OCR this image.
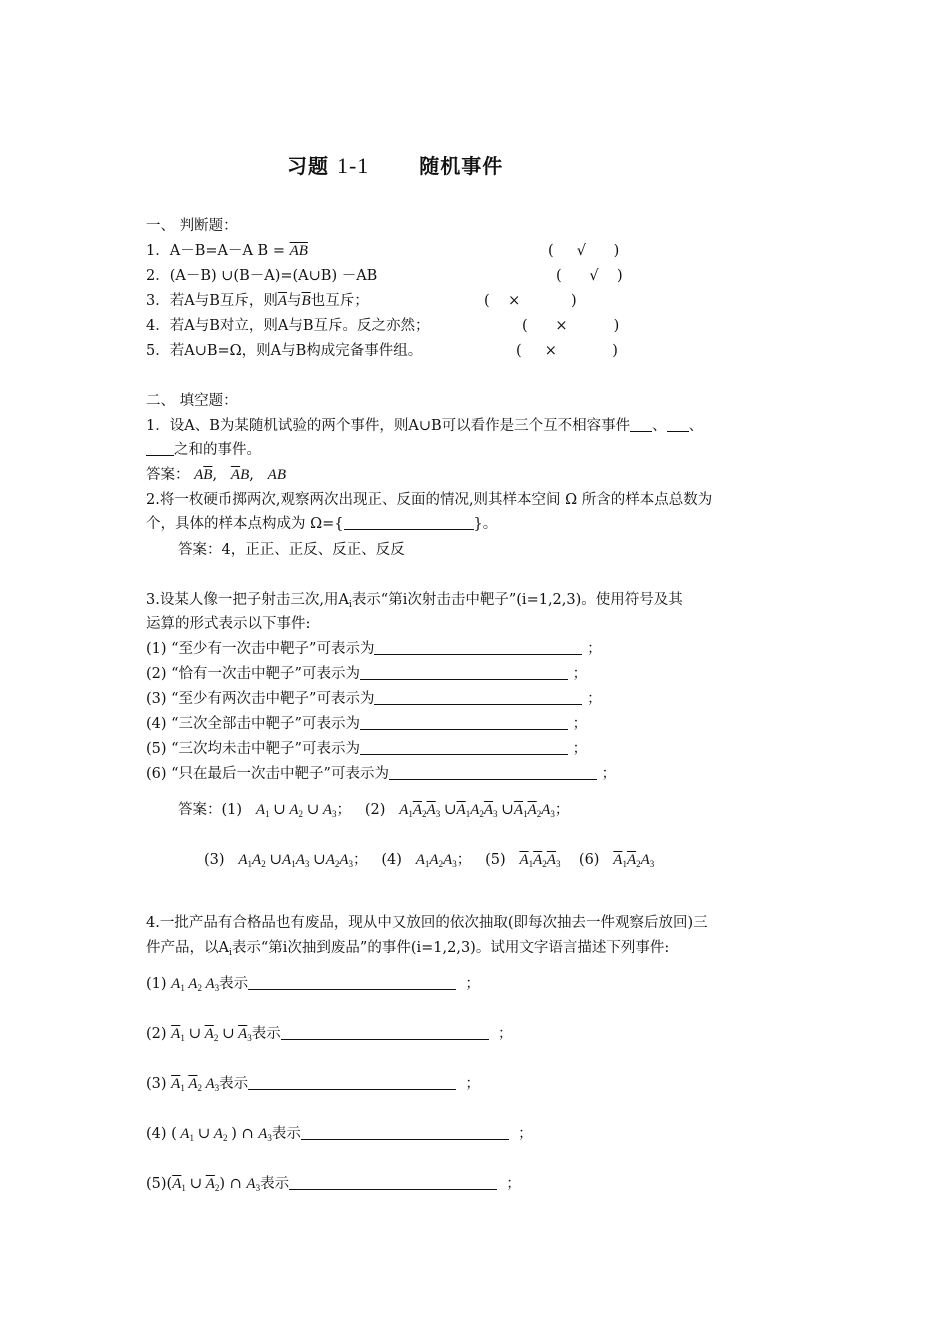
习题 1-1 随机事件
一、 判断题：
1．A－B=A－A $B = \overline{AB}$	( √ )
2．(A－B) ∪(B－A)=(A∪B) －AB	( √ )
3．若A与B互斥，则$\overline{A}$与$\overline{B}$也互斥；	( ×	)
4．若A与B对立，则A与B互斥。反之亦然；	( ×	)
5．若A∪B=Ω，则A与B构成完备事件组。	( ×	)
二、 填空题：
1．设A、B为某随机试验的两个事件，则A∪B可以看作是三个互不相容事件 、 、
之和的事件。
答案： $A\overline{B}$, $\overline{A}B$, AB
2.将一枚硬币掷两次,观察两次出现正、反面的情况,则其样本空间 Ω 所含的样本点总数为
个，具体的样本点构成为 Ω={	}。
答案：4，正正、正反、反正、反反
3.设某人像一把子射击三次,用$A_i$表示“第i次射击击中靶子”(i=1,2,3)。使用符号及其
运算的形式表示以下事件:
(1) “至少有一次击中靶子”可表示为	；
(2) “恰有一次击中靶子”可表示为	；
(3) “至少有两次击中靶子”可表示为	；
(4) “三次全部击中靶子”可表示为	；
(5) “三次均未击中靶子”可表示为	；
(6) “只在最后一次击中靶子”可表示为	；
答案：(1) $A_1$ ∪ $A_2$ ∪ $A_3$；   (2) $A_1\overline{A}_2\overline{A}_3$ $\cup\overline{A}_1A_2\overline{A}_3$ $\cup\overline{A}_1\overline{A}_2A_3$；
(3) $A_1A_2$ $\cup A_1A_3$ $\cup A_2A_3$；   (4) $A_1A_2A_3$；   (5) $\overline{A}_1\overline{A}_2\overline{A}_3$ (6) $\overline{A}_1\overline{A}_2A_3$
4.一批产品有合格品也有废品，现从中又放回的依次抽取(即每次抽去一件观察后放回)三
件产品，以$A_i$表示“第i次抽到废品”的事件(i=1,2,3)。试用文字语言描述下列事件:
(1) $A_1$ $A_2$ $A_3$表示	；
(2) $\overline{A}_1$ ∪ $\overline{A}_2$ ∪ $\overline{A}_3$表示	；
(3) $\overline{A}_1$ $\overline{A}_2$ $A_3$表示	；
(4) ( $A_1$ ∪ $A_2$ ) ∩ $A_3$表示	；
$(5)(\overline{A}_1$ ∪ $\overline{A}_2$) ∩ $A_3$表示	；
